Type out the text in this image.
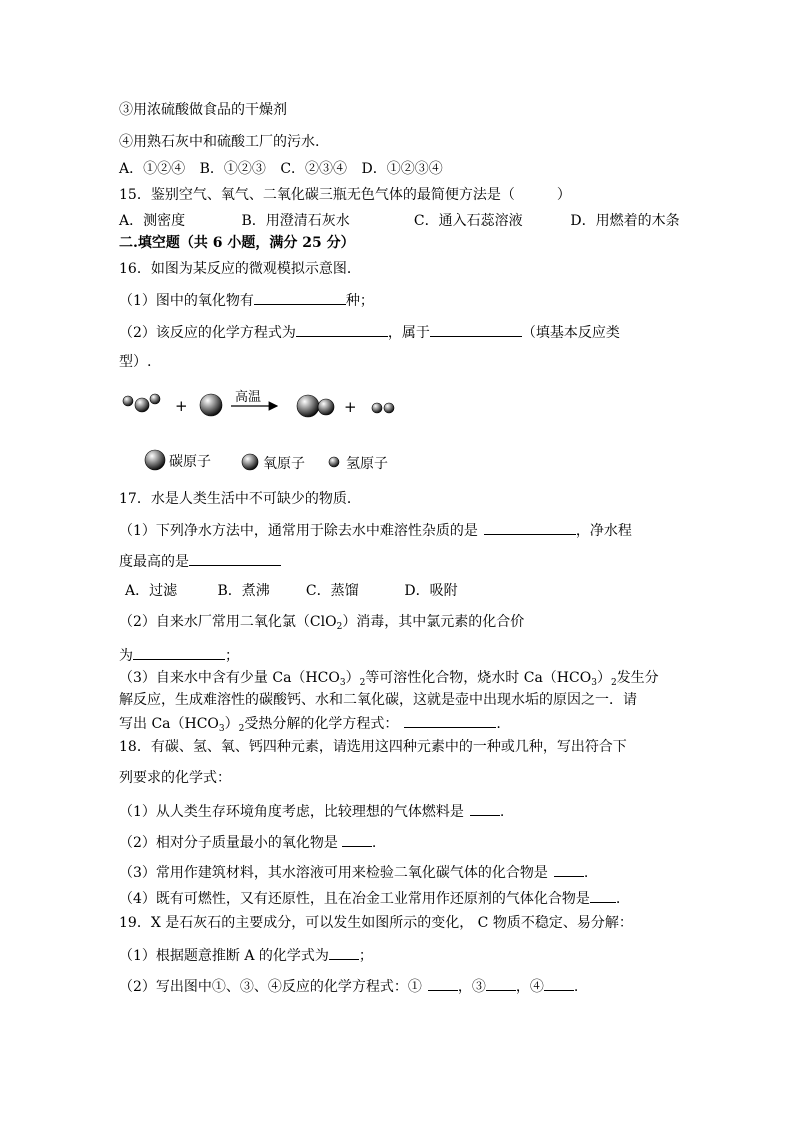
③用浓硫酸做食品的干燥剂
④用熟石灰中和硫酸工厂的污水.
A．①②④ B．①②③ C．②③④ D．①②③④
15．鉴别空气、氧气、二氧化碳三瓶无色气体的最简便方法是（　　　）
A．测密度	B．用澄清石灰水	C．通入石蕊溶液	D．用燃着的木条
二.填空题（共 6 小题，满分 25 分）
16．如图为某反应的微观模拟示意图．
（1）图中的氧化物有	种；
（2）该反应的化学方程式为	，属于	（填基本反应类
型）.
+	高温
+
碳原子	氧原子	氢原子
17．水是人类生活中不可缺少的物质．
（1）下列净水方法中，通常用于除去水中难溶性杂质的是	，净水程
度最高的是
A．过滤	B．煮沸	C．蒸馏	D．吸附
（2）自来水厂常用二氧化氯（ClO$_2$）消毒，其中氯元素的化合价
为	；
（3）自来水中含有少量 $Ca(HCO_3)_2$等可溶性化合物，烧水时 $Ca(HCO_3)_2$发生分
解反应，生成难溶性的碳酸钙、水和二氧化碳，这就是壶中出现水垢的原因之一．请
写出 $Ca(HCO_3)_2$受热分解的化学方程式：	.
18．有碳、氢、氧、钙四种元素，请选用这四种元素中的一种或几种，写出符合下
列要求的化学式：
（1）从人类生存环境角度考虑，比较理想的气体燃料是	.
（2）相对分子质量最小的氧化物是 .
（3）常用作建筑材料，其水溶液可用来检验二氧化碳气体的化合物是	.
（4）既有可燃性，又有还原性，且在冶金工业常用作还原剂的气体化合物是 .
19．X 是石灰石的主要成分，可以发生如图所示的变化， C 物质不稳定、易分解：
（1）根据题意推断 A 的化学式为 ；
（2）写出图中①、③、④反应的化学方程式：①	，③ ，④ .
